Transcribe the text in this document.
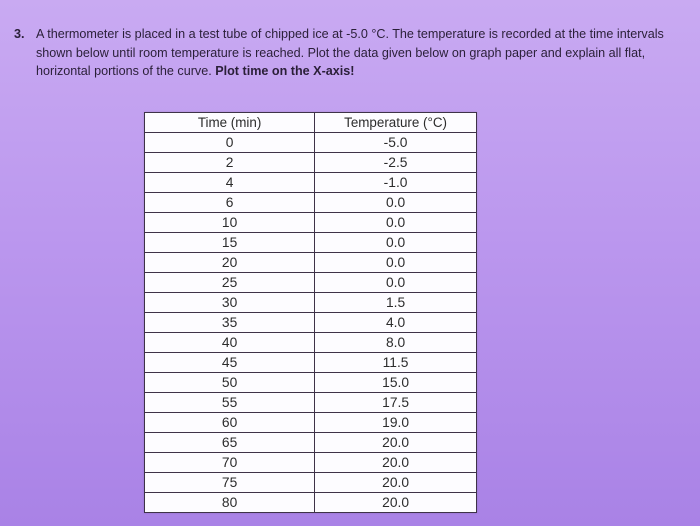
3. A thermometer is placed in a test tube of chipped ice at -5.0 °C. The temperature is recorded at the time intervals shown below until room temperature is reached. Plot the data given below on graph paper and explain all flat, horizontal portions of the curve. Plot time on the X-axis!
Time (min)	Temperature (°C)
0	-5.0
2	-2.5
4	-1.0
6	0.0
10	0.0
15	0.0
20	0.0
25	0.0
30	1.5
35	4.0
40	8.0
45	11.5
50	15.0
55	17.5
60	19.0
65	20.0
70	20.0
75	20.0
80	20.0
